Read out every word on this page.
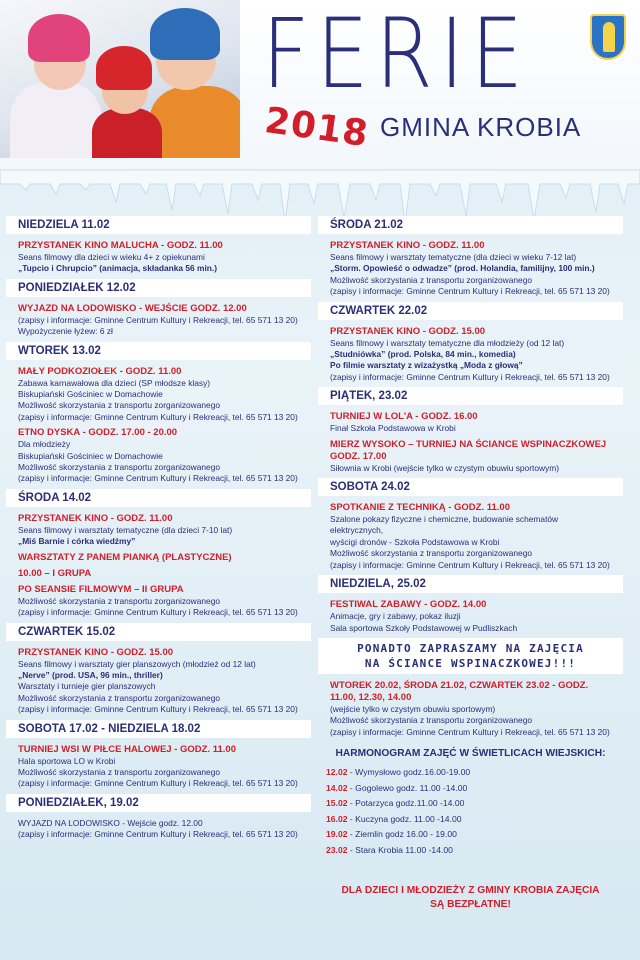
FERIE
2018 GMINA KROBIA
NIEDZIELA 11.02
PRZYSTANEK KINO MALUCHA - GODZ. 11.00
Seans filmowy dla dzieci w wieku 4+ z opiekunami
„Tupcio i Chrupcio” (animacja, składanka 56 min.)
PONIEDZIAŁEK 12.02
WYJAZD NA LODOWISKO - WEJŚCIE GODZ. 12.00
(zapisy i informacje: Gminne Centrum Kultury i Rekreacji, tel. 65 571 13 20)
Wypożyczenie łyżew: 6 zł
WTOREK 13.02
MAŁY PODKOZIOŁEK - GODZ. 11.00
Zabawa karnawałowa dla dzieci (SP młodsze klasy)
Biskupiański Gościniec w Domachowie
Możliwość skorzystania z transportu zorganizowanego
(zapisy i informacje: Gminne Centrum Kultury i Rekreacji, tel. 65 571 13 20)
ETNO DYSKA - GODZ. 17.00 - 20.00
Dla młodzieży
Biskupiański Gościniec w Domachowie
Możliwość skorzystania z transportu zorganizowanego
(zapisy i informacje: Gminne Centrum Kultury i Rekreacji, tel. 65 571 13 20)
ŚRODA 14.02
PRZYSTANEK KINO - GODZ. 11.00
Seans filmowy i warsztaty tematyczne (dla dzieci 7-10 lat)
„Miś Barnie i córka wiedźmy”
WARSZTATY Z PANEM PIANKĄ (PLASTYCZNE)
10.00 – I GRUPA
PO SEANSIE FILMOWYM – II GRUPA
Możliwość skorzystania z transportu zorganizowanego
(zapisy i informacje: Gminne Centrum Kultury i Rekreacji, tel. 65 571 13 20)
CZWARTEK 15.02
PRZYSTANEK KINO - GODZ. 15.00
Seans filmowy i warsztaty gier planszowych (młodzież od 12 lat)
„Nerve” (prod. USA, 96 min., thriller)
Warsztaty i turnieje gier planszowych
Możliwość skorzystania z transportu zorganizowanego
(zapisy i informacje: Gminne Centrum Kultury i Rekreacji, tel. 65 571 13 20)
SOBOTA 17.02 - NIEDZIELA 18.02
TURNIEJ WSI W PIŁCE HALOWEJ - GODZ. 11.00
Hala sportowa LO w Krobi
Możliwość skorzystania z transportu zorganizowanego
(zapisy i informacje: Gminne Centrum Kultury i Rekreacji, tel. 65 571 13 20)
PONIEDZIAŁEK, 19.02
WYJAZD NA LODOWISKO - Wejście godz. 12.00
(zapisy i informacje: Gminne Centrum Kultury i Rekreacji, tel. 65 571 13 20)
ŚRODA 21.02
PRZYSTANEK KINO - GODZ. 11.00
Seans filmowy i warsztaty tematyczne (dla dzieci w wieku 7-12 lat)
„Storm. Opowieść o odwadze” (prod. Holandia, familijny, 100 min.)
Możliwość skorzystania z transportu zorganizowanego
(zapisy i informacje: Gminne Centrum Kultury i Rekreacji, tel. 65 571 13 20)
CZWARTEK 22.02
PRZYSTANEK KINO - GODZ. 15.00
Seans filmowy i warsztaty tematyczne dla młodzieży (od 12 lat)
„Studniówka” (prod. Polska, 84 min., komedia)
Po filmie warsztaty z wizażystką „Moda z głową”
(zapisy i informacje: Gminne Centrum Kultury i Rekreacji, tel. 65 571 13 20)
PIĄTEK, 23.02
TURNIEJ W LOL'A - GODZ. 16.00
Finał Szkoła Podstawowa w Krobi
MIERZ WYSOKO – TURNIEJ NA ŚCIANCE WSPINACZKOWEJ GODZ. 17.00
Siłownia w Krobi (wejście tylko w czystym obuwiu sportowym)
SOBOTA 24.02
SPOTKANIE Z TECHNIKĄ - GODZ. 11.00
Szalone pokazy fizyczne i chemiczne, budowanie schematów elektrycznych,
wyścigi dronów - Szkoła Podstawowa w Krobi
Możliwość skorzystania z transportu zorganizowanego
(zapisy i informacje: Gminne Centrum Kultury i Rekreacji, tel. 65 571 13 20)
NIEDZIELA, 25.02
FESTIWAL ZABAWY - GODZ. 14.00
Animacje, gry i zabawy, pokaz iluzji
Sala sportowa Szkoły Podstawowej w Pudliszkach
PONADTO ZAPRASZAMY NA ZAJĘCIA
NA ŚCIANCE WSPINACZKOWEJ!!!
WTOREK 20.02, ŚRODA 21.02, CZWARTEK 23.02 - GODZ. 11.00, 12.30, 14.00
(wejście tylko w czystym obuwiu sportowym)
Możliwość skorzystania z transportu zorganizowanego
(zapisy i informacje: Gminne Centrum Kultury i Rekreacji, tel. 65 571 13 20)
HARMONOGRAM ZAJĘĆ W ŚWIETLICACH WIEJSKICH:
12.02 - Wymysłowo godz.16.00-19.00
14.02 - Gogolewo godz. 11.00 -14.00
15.02 - Potarzyca godz.11.00 -14.00
16.02 - Kuczyna godz. 11.00 -14.00
19.02 - Ziemlin godz 16.00 - 19.00
23.02 - Stara Krobia 11.00 -14.00
DLA DZIECI I MŁODZIEŻY Z GMINY KROBIA ZAJĘCIA
SĄ BEZPŁATNE!
